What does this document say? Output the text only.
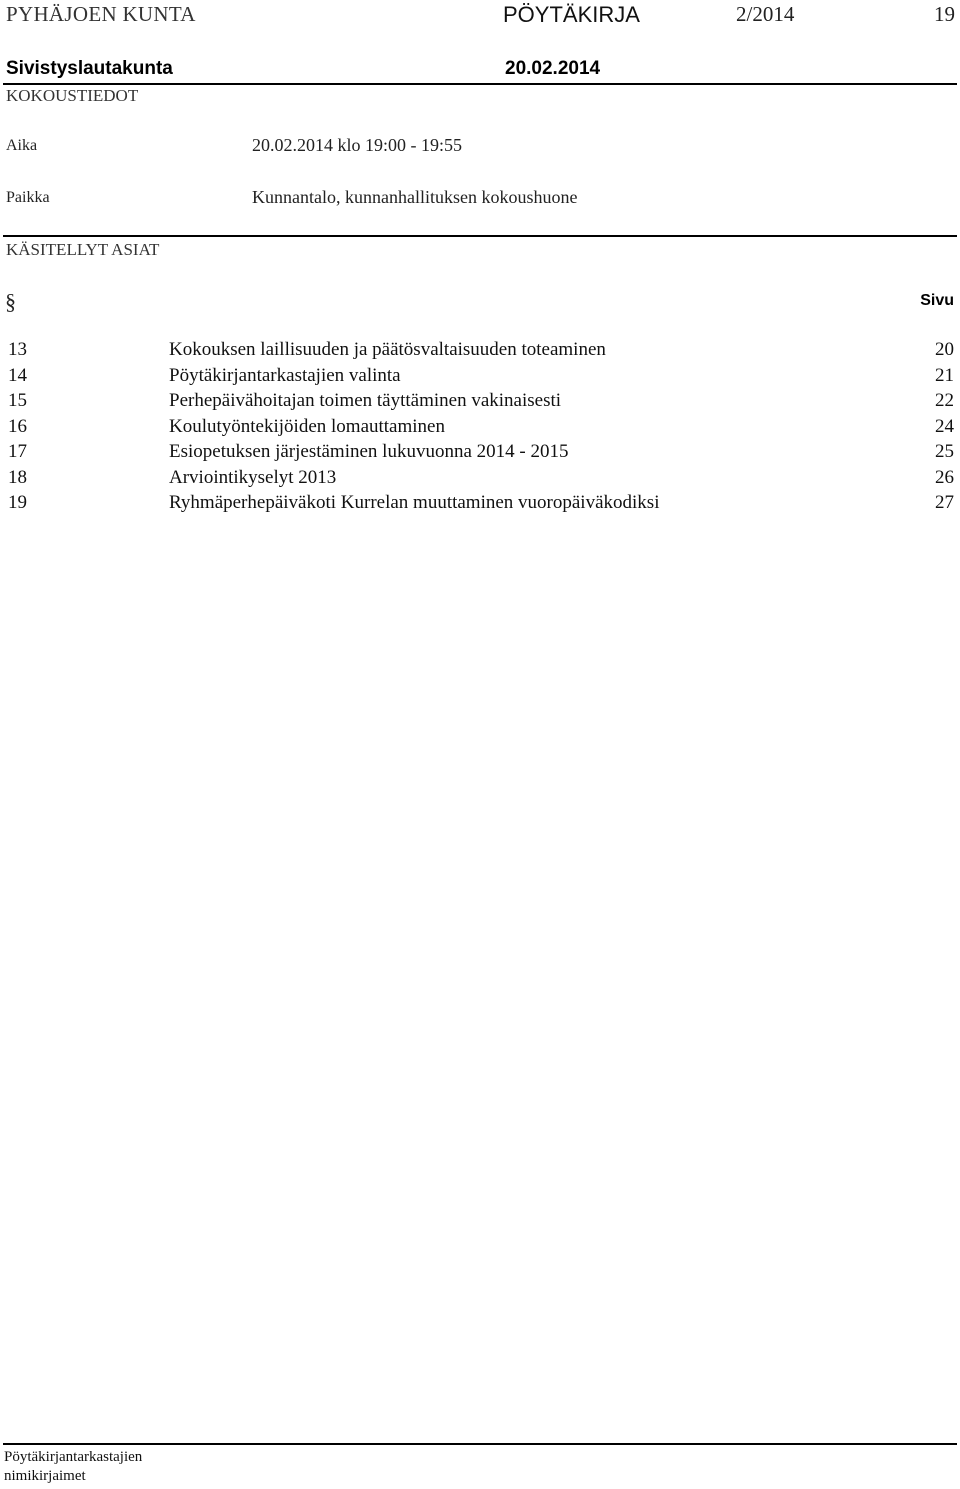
PYHÄJOEN KUNTA	PÖYTÄKIRJA	2/2014	19
Sivistyslautakunta	20.02.2014
KOKOUSTIEDOT
Aika	20.02.2014 klo 19:00 - 19:55
Paikka	Kunnantalo, kunnanhallituksen kokoushuone
KÄSITELLYT ASIAT
§	Sivu
13	Kokouksen laillisuuden ja päätösvaltaisuuden toteaminen	20
14	Pöytäkirjantarkastajien valinta	21
15	Perhepäivähoitajan toimen täyttäminen vakinaisesti	22
16	Koulutyöntekijöiden lomauttaminen	24
17	Esiopetuksen järjestäminen lukuvuonna 2014 - 2015	25
18	Arviointikyselyt 2013	26
19	Ryhmäperhepäiväkoti Kurrelan muuttaminen vuoropäiväkodiksi	27
Pöytäkirjantarkastajien
nimikirjaimet
